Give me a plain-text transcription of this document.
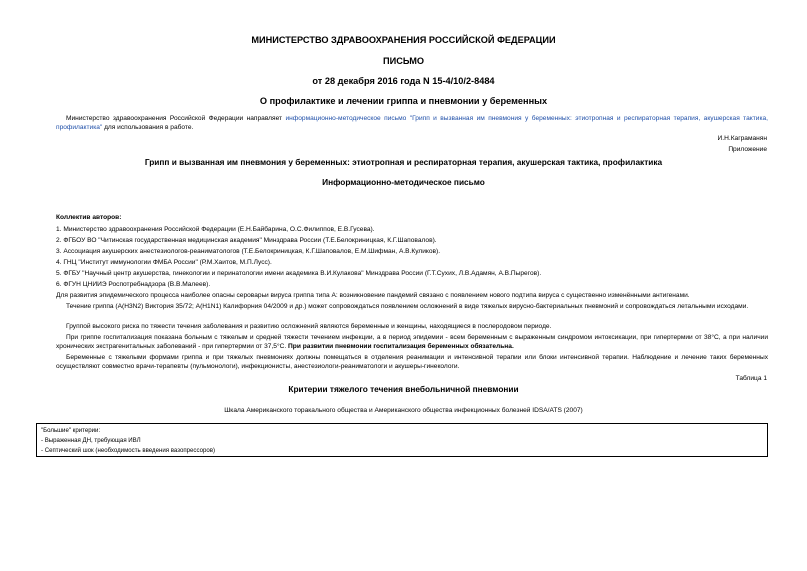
МИНИСТЕРСТВО ЗДРАВООХРАНЕНИЯ РОССИЙСКОЙ ФЕДЕРАЦИИ
ПИСЬМО
от 28 декабря 2016 года N 15-4/10/2-8484
О профилактике и лечении гриппа и пневмонии у беременных
Министерство здравоохранения Российской Федерации направляет информационно-методическое письмо "Грипп и вызванная им пневмония у беременных: этиотропная и респираторная терапия, акушерская тактика, профилактика" для использования в работе.
И.Н.Каграманян
Приложение
Грипп и вызванная им пневмония у беременных: этиотропная и респираторная терапия, акушерская тактика, профилактика
Информационно-методическое письмо
Коллектив авторов:
1. Министерство здравоохранения Российской Федерации (Е.Н.Байбарина, О.С.Филиппов, Е.В.Гусева).
2. ФГБОУ ВО "Читинская государственная медицинская академия" Минздрава России (Т.Е.Белокриницкая, К.Г.Шаповалов).
3. Ассоциация акушерских анестезиологов-реаниматологов (Т.Е.Белокриницкая, К.Г.Шаповалов, Е.М.Шифман, А.В.Куликов).
4. ГНЦ "Институт иммунологии ФМБА России" (Р.М.Хаитов, М.П.Лусс).
5. ФГБУ "Научный центр акушерства, гинекологии и перинатологии имени академика В.И.Кулакова" Минздрава России (Г.Т.Сухих, Л.В.Адамян, А.В.Пырегов).
6. ФГУН ЦНИИЭ Роспотребнадзора (В.В.Малеев).
Для развития эпидемического процесса наиболее опасны сероварьи вируса гриппа типа А: возникновение пандемий связано с появлением нового подтипа вируса с существенно изменёнными антигенами.
Течение гриппа (A(H3N2) Виктория 35/72; A(H1N1) Калифорния 04/2009 и др.) может сопровождаться появлением осложнений в виде тяжелых вирусно-бактериальных пневмоний и сопровождаться летальными исходами.
Группой высокого риска по тяжести течения заболевания и развитию осложнений являются беременные и женщины, находящиеся в послеродовом периоде.
При гриппе госпитализация показана больным с тяжелым и средней тяжести течением инфекции, а в период эпидемии - всем беременным с выраженным синдромом интоксикации, при гипертермии от 38°С, а при наличии хронических экстрагенитальных заболеваний - при гипертермии от 37,5°С. При развитии пневмонии госпитализация беременных обязательна.
Беременные с тяжелыми формами гриппа и при тяжелых пневмониях должны помещаться в отделения реанимации и интенсивной терапии или блоки интенсивной терапии. Наблюдение и лечение таких беременных осуществляют совместно врачи-терапевты (пульмонологи), инфекционисты, анестезиологи-реаниматологи и акушеры-гинекологи.
Таблица 1
Критерии тяжелого течения внебольничной пневмонии
Шкала Американского торакального общества и Американского общества инфекционных болезней IDSA/ATS (2007)
"Большие" критерии:
- Выраженная ДН, требующая ИВЛ
- Септический шок (необходимость введения вазопрессоров)
